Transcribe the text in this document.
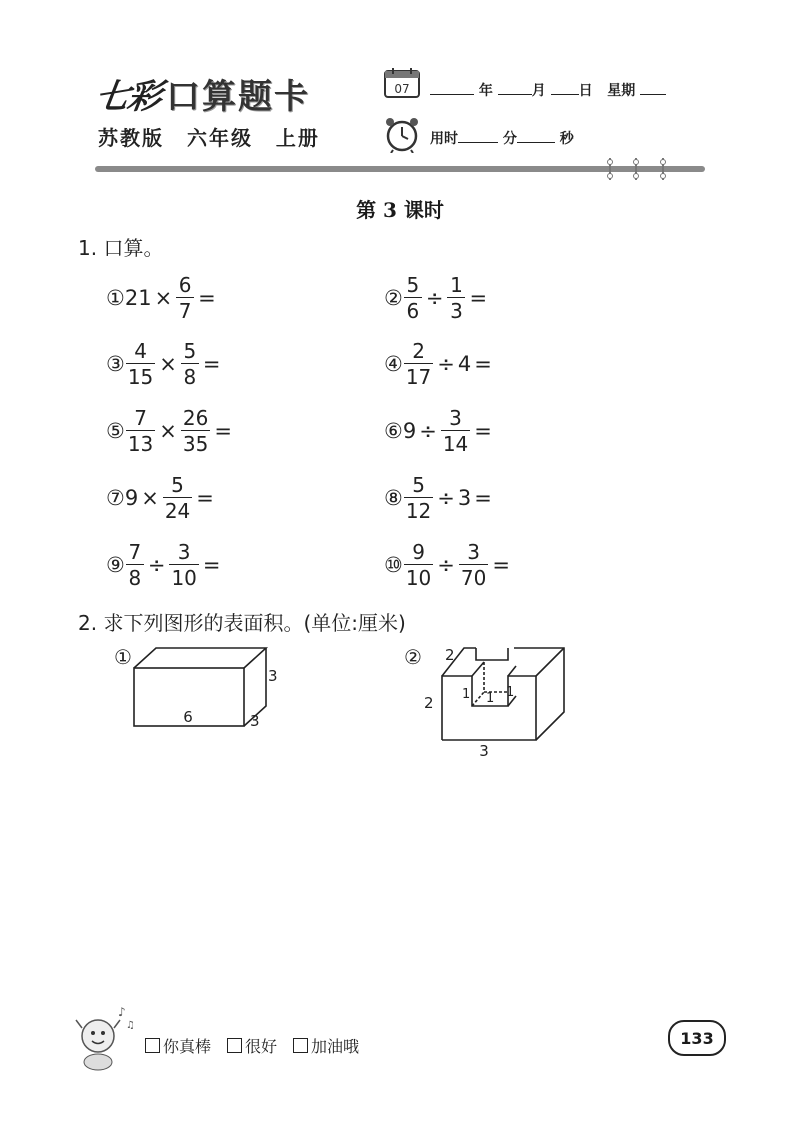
七彩 口算题卡
苏教版 六年级 上册
07	年	月 日 星期
用时	分	秒
第 3 课时
1. 口算。
① $21 \times \frac{6}{7}$ =	② $\frac{5}{6} \div \frac{1}{3}$ =
③ $\frac{4}{15} \times \frac{5}{8}$ =	④ $\frac{2}{17} \div 4$ =
⑤ $\frac{7}{13} \times \frac{26}{35}$ =	⑥ $9 \div \frac{3}{14}$ =
⑦ $9 \times \frac{5}{24}$ =	⑧ $\frac{5}{12} \div 3$ =
⑨ $\frac{7}{8} \div \frac{3}{10}$ =	⑩ $\frac{9}{10} \div \frac{3}{70}$ =
2. 求下列图形的表面积。(单位:厘米)
①
6
3
3
② 2
2
3
1 1 1
♪
♫
你真棒 很好 加油哦	133
